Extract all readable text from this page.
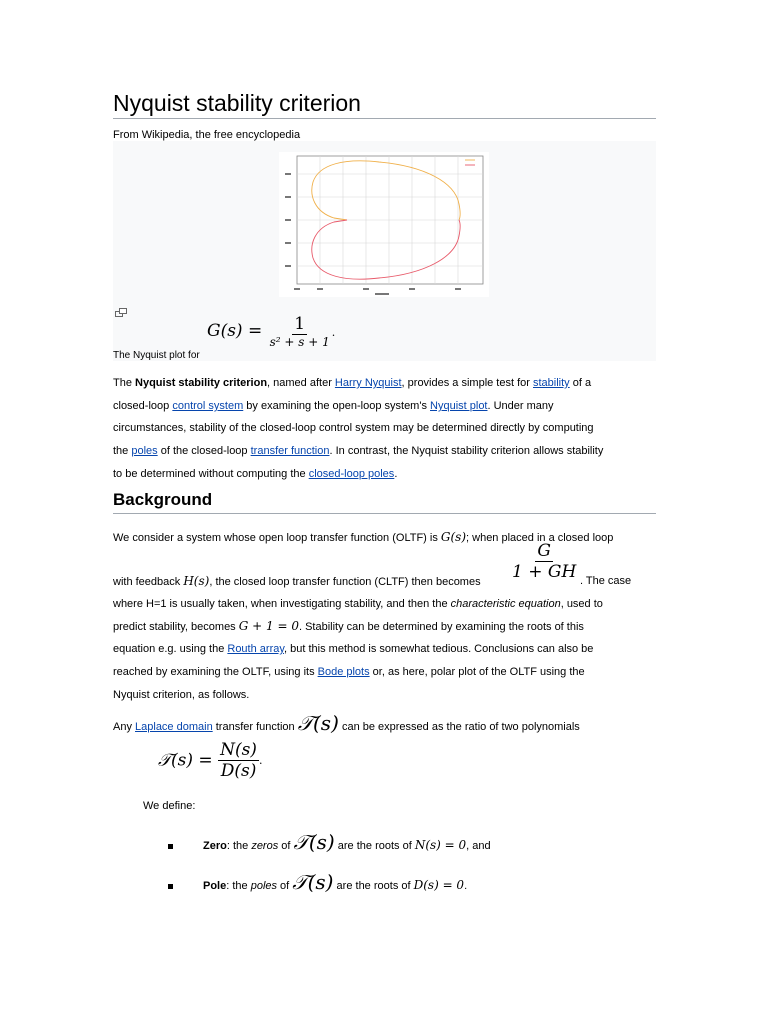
Nyquist stability criterion
From Wikipedia, the free encyclopedia
The Nyquist plot for
$G(s) = \frac{1}{\text{s² + s + 1}}$ .
The Nyquist stability criterion, named after Harry Nyquist, provides a simple test for stability of a
closed-loop control system by examining the open-loop system's Nyquist plot. Under many
circumstances, stability of the closed-loop control system may be determined directly by computing
the poles of the closed-loop transfer function. In contrast, the Nyquist stability criterion allows stability
to be determined without computing the closed-loop poles.
Background
We consider a system whose open loop transfer function (OLTF) is G(s); when placed in a closed loop
$\frac{G}{1 + GH}$
with feedback H(s), the closed loop transfer function (CLTF) then becomes	. The case
where H=1 is usually taken, when investigating stability, and then the characteristic equation, used to
predict stability, becomes G + 1 = 0. Stability can be determined by examining the roots of this
equation e.g. using the Routh array, but this method is somewhat tedious. Conclusions can also be
reached by examining the OLTF, using its Bode plots or, as here, polar plot of the OLTF using the
Nyquist criterion, as follows.
Any Laplace domain transfer function 𝒯(s) can be expressed as the ratio of two polynomials
𝒯(s) = $\frac{N(s)}{D(s)}$ .
We define:
Zero: the zeros of 𝒯(s) are the roots of N(s) = 0, and
Pole: the poles of 𝒯(s) are the roots of D(s) = 0.
